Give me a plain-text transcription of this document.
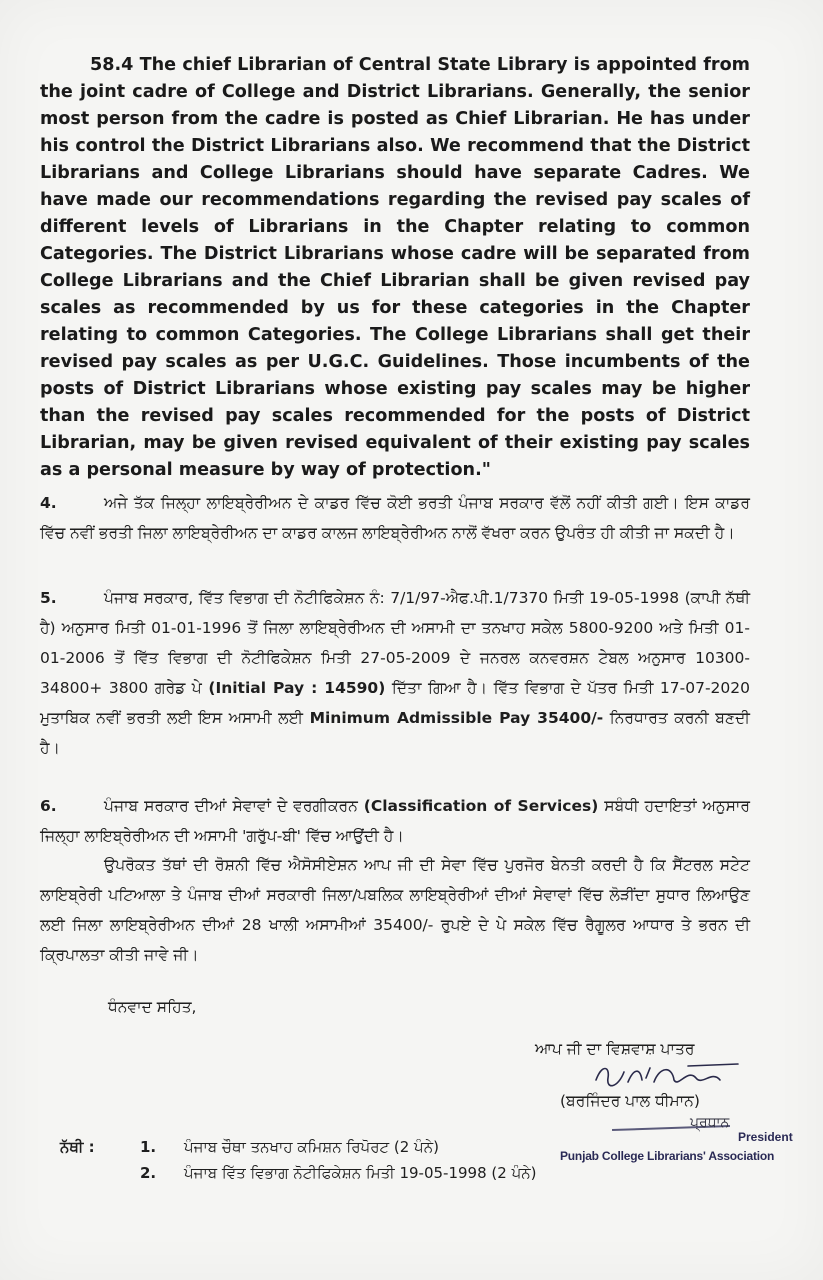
58.4 The chief Librarian of Central State Library is appointed from the joint cadre of College and District Librarians. Generally, the senior most person from the cadre is posted as Chief Librarian. He has under his control the District Librarians also. We recommend that the District Librarians and College Librarians should have separate Cadres. We have made our recommendations regarding the revised pay scales of different levels of Librarians in the Chapter relating to common Categories. The District Librarians whose cadre will be separated from College Librarians and the Chief Librarian shall be given revised pay scales as recommended by us for these categories in the Chapter relating to common Categories. The College Librarians shall get their revised pay scales as per U.G.C. Guidelines. Those incumbents of the posts of District Librarians whose existing pay scales may be higher than the revised pay scales recommended for the posts of District Librarian, may be given revised equivalent of their existing pay scales as a personal measure by way of protection."
4.	ਅਜੇ ਤੱਕ ਜਿਲ੍ਹਾ ਲਾਇਬ੍ਰੇਰੀਅਨ ਦੇ ਕਾਡਰ ਵਿੱਚ ਕੋਈ ਭਰਤੀ ਪੰਜਾਬ ਸਰਕਾਰ ਵੱਲੋਂ ਨਹੀਂ ਕੀਤੀ ਗਈ। ਇਸ ਕਾਡਰ ਵਿੱਚ ਨਵੀਂ ਭਰਤੀ ਜਿਲਾ ਲਾਇਬ੍ਰੇਰੀਅਨ ਦਾ ਕਾਡਰ ਕਾਲਜ ਲਾਇਬ੍ਰੇਰੀਅਨ ਨਾਲੋਂ ਵੱਖਰਾ ਕਰਨ ਉਪਰੰਤ ਹੀ ਕੀਤੀ ਜਾ ਸਕਦੀ ਹੈ।
5.	ਪੰਜਾਬ ਸਰਕਾਰ, ਵਿੱਤ ਵਿਭਾਗ ਦੀ ਨੋਟੀਫਿਕੇਸ਼ਨ ਨੰ: 7/1/97-ਐਫ.ਪੀ.1/7370 ਮਿਤੀ 19-05-1998 (ਕਾਪੀ ਨੱਥੀ ਹੈ) ਅਨੁਸਾਰ ਮਿਤੀ 01-01-1996 ਤੋਂ ਜਿਲਾ ਲਾਇਬ੍ਰੇਰੀਅਨ ਦੀ ਅਸਾਮੀ ਦਾ ਤਨਖਾਹ ਸਕੇਲ 5800-9200 ਅਤੇ ਮਿਤੀ 01-01-2006 ਤੋਂ ਵਿੱਤ ਵਿਭਾਗ ਦੀ ਨੋਟੀਫਿਕੇਸ਼ਨ ਮਿਤੀ 27-05-2009 ਦੇ ਜਨਰਲ ਕਨਵਰਸ਼ਨ ਟੇਬਲ ਅਨੁਸਾਰ 10300-34800+ 3800 ਗਰੇਡ ਪੇ (Initial Pay : 14590) ਦਿੱਤਾ ਗਿਆ ਹੈ। ਵਿੱਤ ਵਿਭਾਗ ਦੇ ਪੱਤਰ ਮਿਤੀ 17-07-2020 ਮੁਤਾਬਿਕ ਨਵੀਂ ਭਰਤੀ ਲਈ ਇਸ ਅਸਾਮੀ ਲਈ Minimum Admissible Pay 35400/- ਨਿਰਧਾਰਤ ਕਰਨੀ ਬਣਦੀ ਹੈ।
6.	ਪੰਜਾਬ ਸਰਕਾਰ ਦੀਆਂ ਸੇਵਾਵਾਂ ਦੇ ਵਰਗੀਕਰਨ (Classification of Services) ਸਬੰਧੀ ਹਦਾਇਤਾਂ ਅਨੁਸਾਰ ਜਿਲ੍ਹਾ ਲਾਇਬ੍ਰੇਰੀਅਨ ਦੀ ਅਸਾਮੀ 'ਗਰੁੱਪ-ਬੀ' ਵਿੱਚ ਆਉਂਦੀ ਹੈ।
ਉਪਰੋਕਤ ਤੱਥਾਂ ਦੀ ਰੋਸ਼ਨੀ ਵਿੱਚ ਐਸੋਸੀਏਸ਼ਨ ਆਪ ਜੀ ਦੀ ਸੇਵਾ ਵਿੱਚ ਪੁਰਜੋਰ ਬੇਨਤੀ ਕਰਦੀ ਹੈ ਕਿ ਸੈਂਟਰਲ ਸਟੇਟ ਲਾਇਬ੍ਰੇਰੀ ਪਟਿਆਲਾ ਤੇ ਪੰਜਾਬ ਦੀਆਂ ਸਰਕਾਰੀ ਜਿਲਾ/ਪਬਲਿਕ ਲਾਇਬ੍ਰੇਰੀਆਂ ਦੀਆਂ ਸੇਵਾਵਾਂ ਵਿੱਚ ਲੋੜੀਂਦਾ ਸੁਧਾਰ ਲਿਆਉਣ ਲਈ ਜਿਲਾ ਲਾਇਬ੍ਰੇਰੀਅਨ ਦੀਆਂ 28 ਖਾਲੀ ਅਸਾਮੀਆਂ 35400/- ਰੁਪਏ ਦੇ ਪੇ ਸਕੇਲ ਵਿੱਚ ਰੈਗੂਲਰ ਆਧਾਰ ਤੇ ਭਰਨ ਦੀ ਕ੍ਰਿਪਾਲਤਾ ਕੀਤੀ ਜਾਵੇ ਜੀ।
ਧੰਨਵਾਦ ਸਹਿਤ,
ਆਪ ਜੀ ਦਾ ਵਿਸ਼ਵਾਸ਼ ਪਾਤਰ
(ਬਰਜਿੰਦਰ ਪਾਲ ਧੀਮਾਨ)
ਪ੍ਰਧਾਨ
President
Punjab College Librarians' Association
ਨੱਥੀ :	1. ਪੰਜਾਬ ਚੌਥਾ ਤਨਖਾਹ ਕਮਿਸ਼ਨ ਰਿਪੋਰਟ (2 ਪੰਨੇ)
2. ਪੰਜਾਬ ਵਿੱਤ ਵਿਭਾਗ ਨੋਟੀਫਿਕੇਸ਼ਨ ਮਿਤੀ 19-05-1998 (2 ਪੰਨੇ)
